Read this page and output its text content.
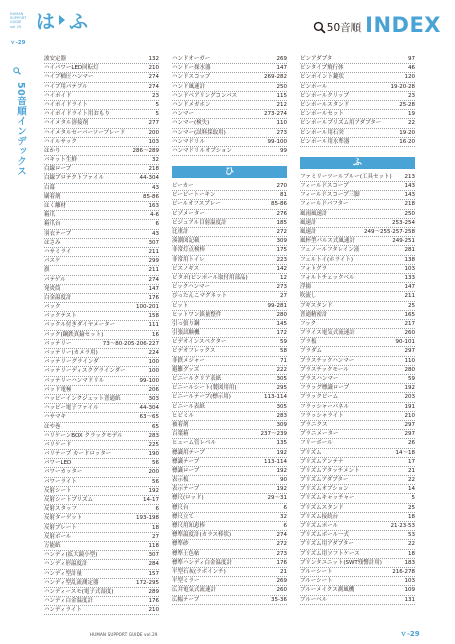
HUMAN
SUPPORT
GUIDE
vol.29
ｖ-29
50音順インデックス
は ふ	50音順 INDEX
波安定器	132
ハイパワーLED回転灯	210
ハイプ桶圧ハンマー	274
ハイプ用パテブル	274
ハイポイド	23
ハイポイドライト	5
ハイポイドライト用おもり	5
ハイメタル溶接剤	277
ハイメタルセーバーソーブレード	200
ハイルサック	103
はかり	286～289
バキット生鮮	32
白線ロープ	218
白線プロテクトファイル	44-304
白幕	43
刷着剤	85-86
はく離材	163
箱爪	4-6
箱爪台	6
羽衣テープ	43
はさみ	307
ハサミライ	211
パスケ	299
旗	211
パテゲル	274
発炎筒	147
白金温度計	176
バック	100-201
バックテスト	158
バックル付きダイヤメーター	111
バック(鋼鉄真鍮セット)	16
バッテリー	73～80·205·206·227
バッテリー(カメラ用)	224
バッテリーグラインダ	100
バッテリーディスクグラインダー	100
バッテリーハンマドリル	99-100
パッド電極	206
ハッピーインクジェット普通紙	303
ハッピー電子ファイル	44-304
ハサマキ	63～65
はや巻	65
ハリケーンBOX クラックモデル	283
バリケード	225
バリテープ カードロッター	190
バワーLED	56
バワーカッター	200
バワーライト	56
反射シート	192
反射シートプリズム	14-17
反射スタッフ	6
反射ターゲット	193-198
反射プレート	18
反射ボール	27
万能紙	118
ハンディ(拡大鏡小型)	307
ハンディ形温度計	284
ハンディ型計量	157
ハンディ型乱流測定器	172-295
ハンディースモ(電子式湿度)	289
ハンディ白金温度計	176
ハンディライト	210
ハンドオーガー	269
ハンドー探水器	147
ハンドスコップ	269-282
ハンド風速計	250
ハンドベアリングコンパス	115
ハンドメガホン	212
ハンマー	273-274
ハンマー(検失)	110
ハンマー(試料採取用)	273
ハンマドリル	99-100
ハンマドリルオプション	99
ひ
ビーカー	270
ビービートーキン	81
ビールオフスプレー	85-86
ビゾメーター	276
ビジュアル目射温度計	185
比重計	272
湊潮図記載	309
非常灯点検棒	175
非常用トイレ	223
ビスノギス	142
ビタポ(ビンポール取付用部品)	12
ビックハンマー	273
ぴったんこマグネット	27
ビット	99-281
ヒットワン鋲量整件	280
引っ張り鋼	145
引張試験機	172
ビデオインスペクター	59
ビデオフレックス	58
非鉄メジャー	71
避難グッズ	222
ビニールクリア表紙	305
ビニールシート(製図用用)	295
ビニールテープ(標示用)	113-114
ビニール表紙	305
ヒビミル	283
被着剤	309
百葉箱	237～239
ヒューム管レベル	135
標識用テープ	192
標識テープ	113-114
標識ロープ	192
表示板	90
表示テープ	192
標尺(ロッド)	29～31
標尺台	6
標尺立て	32
標尺用知恵棒	6
標準温度計(カラス棒状)	274
標準砂	272
標準土色帖	273
標準ハンディ白金温度計	176
平型石灰(ラボインチ)	21
平型ミラー	269
広井電気式流速計	260
広幅テープ	35-36
ピンアダプタ	97
ピンタイプ飛行体	46
ピンポイント鍵状	120
ピンポール	19·20·28
ピンポールクリップ	23
ピンポールスタンド	25·28
ピンポールセット	19
ピンポールプリズム用アダプター	22
ピンポール用石突	19·20
ピンポール用水準器	16·20
ふ
ファミリーツールブルー(工具セット)	213
フィールドスコープ	143
フィールドスコープ三脚	143
フィールドバフター	218
風雨風速計	250
風速計	253-254
風速計	249～255·257·258
風杯型パルス式風速計	249·251
フェノールフタレイン液	281
フェルトイ(ホライト)	138
フォトグラ	103
フォルトチェックベル	133
浮揚	147
吹流し	211
ブギスタンド	25
普通精密計	165
フック	217
ブライス電気式流速計	260
ブラ板	90-101
ブラダム	297
プラスチックハンマー	110
プラスチックモール	280
プラスハンマー	59
フラッグ標識ロープ	192
ブラックビーム	203
フラッシャーパネル	191
フラッシャライト	210
プラニクス	297
プラニメーター	297
フリーボール	26
プリズム	14～18
プリズムアンテナ	17
プリズムアタッチメント	21
プリズムアダプター	22
プリズムオプション	14
プリズムキャッチャー	5
プリズムスタンド	25
プリズム接続台	18
プリズムポール	21·23·53
プリズムボール一式	53
プリズム用アダプター	22
プリズム用ソフトケース	18
プリンタユニット(SWT残響計用)	183
ブルーシート	216·278
ブルーシート	103
ブルーメイクス測風機	109
ブルーベル	131
HUMAN SUPPORT GUIDE vol.29	ｖ-29
